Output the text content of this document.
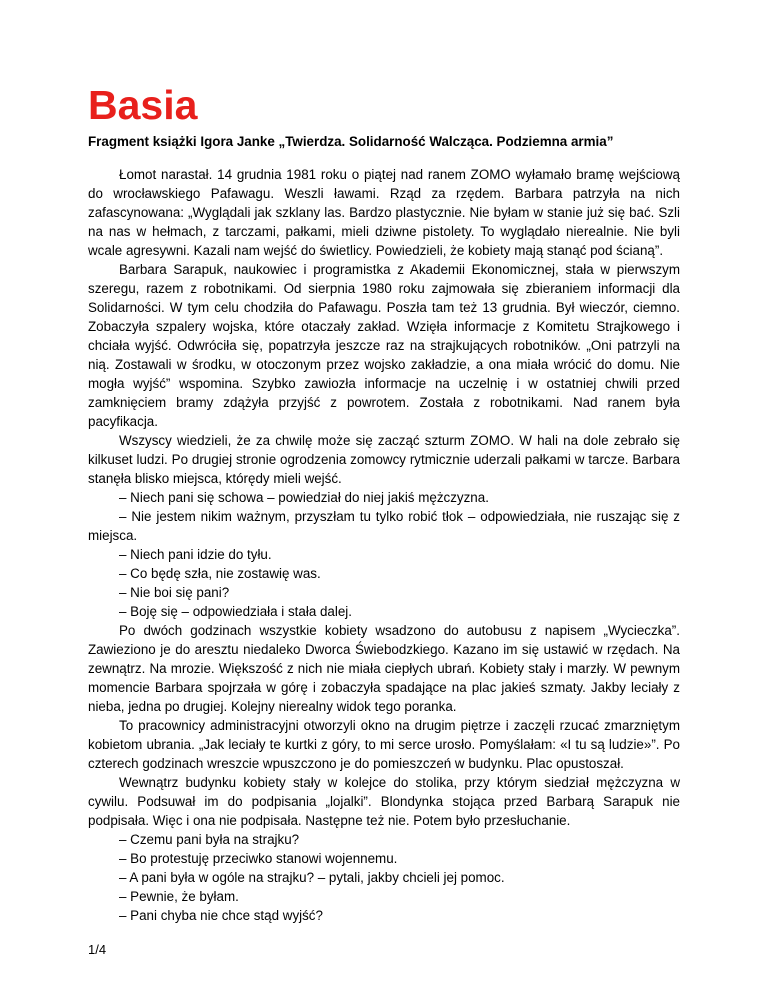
Basia
Fragment książki Igora Janke „Twierdza. Solidarność Walcząca. Podziemna armia”

Łomot narastał. 14 grudnia 1981 roku o piątej nad ranem ZOMO wyłamało bramę wejściową do wrocławskiego Pafawagu. Weszli ławami. Rząd za rzędem. Barbara patrzyła na nich zafascynowana: „Wyglądali jak szklany las. Bardzo plastycznie. Nie byłam w stanie już się bać. Szli na nas w hełmach, z tarczami, pałkami, mieli dziwne pistolety. To wyglądało nierealnie. Nie byli wcale agresywni. Kazali nam wejść do świetlicy. Powiedzieli, że kobiety mają stanąć pod ścianą”.

Barbara Sarapuk, naukowiec i programistka z Akademii Ekonomicznej, stała w pierwszym szeregu, razem z robotnikami. Od sierpnia 1980 roku zajmowała się zbieraniem informacji dla Solidarności. W tym celu chodziła do Pafawagu. Poszła tam też 13 grudnia. Był wieczór, ciemno. Zobaczyła szpalery wojska, które otaczały zakład. Wzięła informacje z Komitetu Strajkowego i chciała wyjść. Odwróciła się, popatrzyła jeszcze raz na strajkujących robotników. „Oni patrzyli na nią. Zostawali w środku, w otoczonym przez wojsko zakładzie, a ona miała wrócić do domu. Nie mogła wyjść” wspomina. Szybko zawiozła informacje na uczelnię i w ostatniej chwili przed zamknięciem bramy zdążyła przyjść z powrotem. Została z robotnikami. Nad ranem była pacyfikacja.

Wszyscy wiedzieli, że za chwilę może się zacząć szturm ZOMO. W hali na dole zebrało się kilkuset ludzi. Po drugiej stronie ogrodzenia zomowcy rytmicznie uderzali pałkami w tarcze. Barbara stanęła blisko miejsca, którędy mieli wejść.

– Niech pani się schowa – powiedział do niej jakiś mężczyzna.

– Nie jestem nikim ważnym, przyszłam tu tylko robić tłok – odpowiedziała, nie ruszając się z miejsca.

– Niech pani idzie do tyłu.

– Co będę szła, nie zostawię was.

– Nie boi się pani?

– Boję się – odpowiedziała i stała dalej.

Po dwóch godzinach wszystkie kobiety wsadzono do autobusu z napisem „Wycieczka”. Zawieziono je do aresztu niedaleko Dworca Świebodzkiego. Kazano im się ustawić w rzędach. Na zewnątrz. Na mrozie. Większość z nich nie miała ciepłych ubrań. Kobiety stały i marzły. W pewnym momencie Barbara spojrzała w górę i zobaczyła spadające na plac jakieś szmaty. Jakby leciały z nieba, jedna po drugiej. Kolejny nierealny widok tego poranka.

To pracownicy administracyjni otworzyli okno na drugim piętrze i zaczęli rzucać zmarzniętym kobietom ubrania. „Jak leciały te kurtki z góry, to mi serce urosło. Pomyślałam: «I tu są ludzie»”. Po czterech godzinach wreszcie wpuszczono je do pomieszczeń w budynku. Plac opustoszał.

Wewnątrz budynku kobiety stały w kolejce do stolika, przy którym siedział mężczyzna w cywilu. Podsuwał im do podpisania „lojalki”. Blondynka stojąca przed Barbarą Sarapuk nie podpisała. Więc i ona nie podpisała. Następne też nie. Potem było przesłuchanie.

– Czemu pani była na strajku?

– Bo protestuję przeciwko stanowi wojennemu.

– A pani była w ogóle na strajku? – pytali, jakby chcieli jej pomoc.

– Pewnie, że byłam.

– Pani chyba nie chce stąd wyjść?

1/4
